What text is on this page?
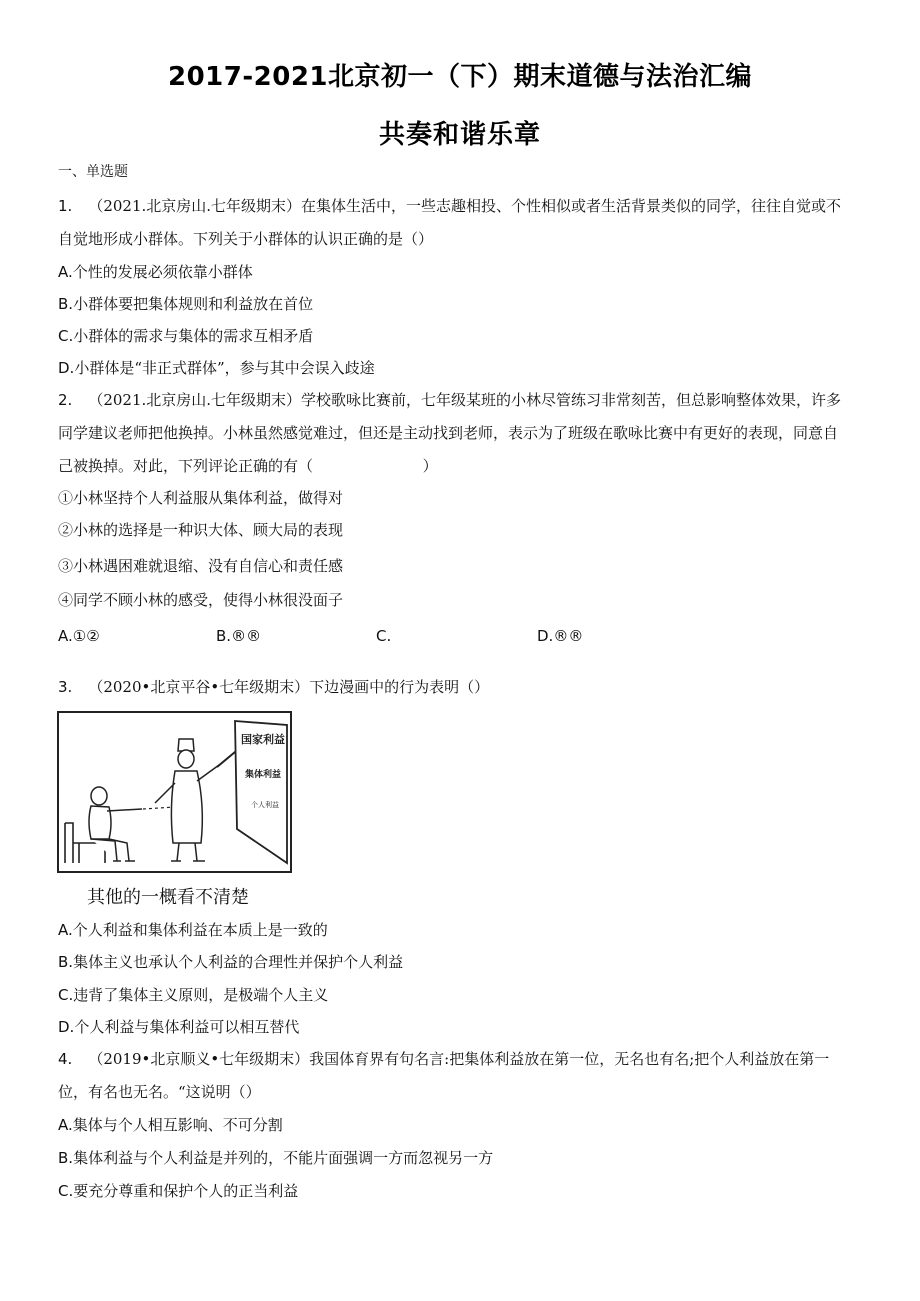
2017-2021北京初一（下）期末道德与法治汇编
共奏和谐乐章
一、单选题
1. （2021.北京房山.七年级期末）在集体生活中，一些志趣相投、个性相似或者生活背景类似的同学，往往自觉或不
自觉地形成小群体。下列关于小群体的认识正确的是（）
A.个性的发展必须依靠小群体
B.小群体要把集体规则和利益放在首位
C.小群体的需求与集体的需求互相矛盾
D.小群体是“非正式群体”，参与其中会误入歧途
2. （2021.北京房山.七年级期末）学校歌咏比赛前，七年级某班的小林尽管练习非常刻苦，但总影响整体效果，许多
同学建议老师把他换掉。小林虽然感觉难过，但还是主动找到老师，表示为了班级在歌咏比赛中有更好的表现，同意自
己被换掉。对此，下列评论正确的有（                       ）
①小林坚持个人利益服从集体利益，做得对
②小林的选择是一种识大体、顾大局的表现
③小林遇困难就退缩、没有自信心和责任感
④同学不顾小林的感受，使得小林很没面子
A.①②	B.®®	C.	D.®®
3. （2020•北京平谷•七年级期末）下边漫画中的行为表明（）
国家利益
集体利益
个人利益
其他的一概看不清楚
A.个人利益和集体利益在本质上是一致的
B.集体主义也承认个人利益的合理性并保护个人利益
C.违背了集体主义原则，是极端个人主义
D.个人利益与集体利益可以相互替代
4. （2019•北京顺义•七年级期末）我国体育界有句名言:把集体利益放在第一位，无名也有名;把个人利益放在第一
位，有名也无名。“这说明（）
A.集体与个人相互影响、不可分割
B.集体利益与个人利益是并列的，不能片面强调一方而忽视另一方
C.要充分尊重和保护个人的正当利益
